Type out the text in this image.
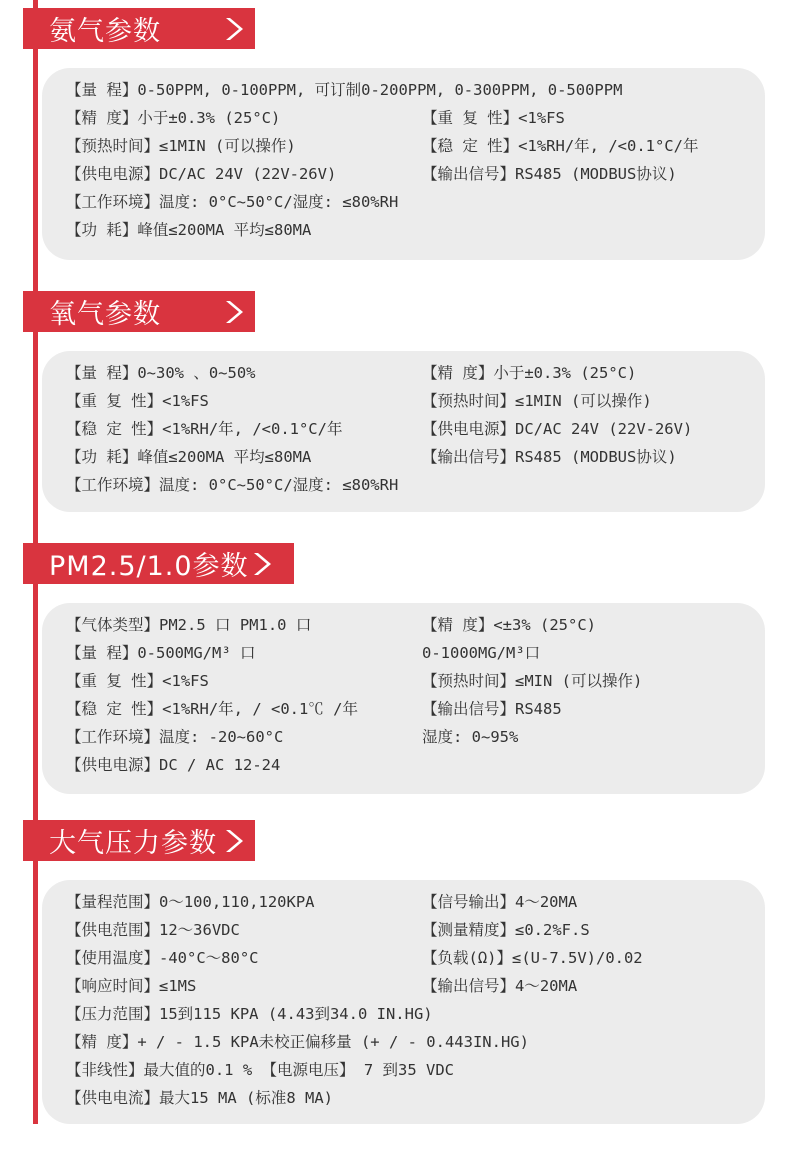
氨气参数
【量 程】0-50PPM, 0-100PPM, 可订制0-200PPM, 0-300PPM, 0-500PPM
【精 度】小于±0.3% (25°C)	【重 复 性】<1%FS
【预热时间】≤1MIN (可以操作)	【稳 定 性】<1%RH/年, /<0.1°C/年
【供电电源】DC/AC 24V (22V-26V)	【输出信号】RS485 (MODBUS协议)
【工作环境】温度: 0°C~50°C/湿度: ≤80%RH
【功 耗】峰值≤200MA 平均≤80MA
氧气参数
【量 程】0~30% 、0~50%	【精 度】小于±0.3% (25°C)
【重 复 性】<1%FS	【预热时间】≤1MIN (可以操作)
【稳 定 性】<1%RH/年, /<0.1°C/年	【供电电源】DC/AC 24V (22V-26V)
【功 耗】峰值≤200MA 平均≤80MA	【输出信号】RS485 (MODBUS协议)
【工作环境】温度: 0°C~50°C/湿度: ≤80%RH
PM2.5/1.0参数
【气体类型】PM2.5 口 PM1.0 口	【精 度】<±3% (25°C)
【量 程】0-500MG/M³ 口	0-1000MG/M³口
【重 复 性】<1%FS	【预热时间】≤MIN (可以操作)
【稳 定 性】<1%RH/年, / <0.1℃ /年	【输出信号】RS485
【工作环境】温度: -20~60°C	湿度: 0~95%
【供电电源】DC / AC 12-24
大气压力参数
【量程范围】0～100,110,120KPA	【信号输出】4～20MA
【供电范围】12～36VDC	【测量精度】≤0.2%F.S
【使用温度】-40°C～80°C	【负载(Ω)】≤(U-7.5V)/0.02
【响应时间】≤1MS	【输出信号】4～20MA
【压力范围】15到115 KPA (4.43到34.0 IN.HG)
【精 度】+ / - 1.5 KPA未校正偏移量 (+ / - 0.443IN.HG)
【非线性】最大值的0.1 % 【电源电压】 7 到35 VDC
【供电电流】最大15 MA (标准8 MA)
